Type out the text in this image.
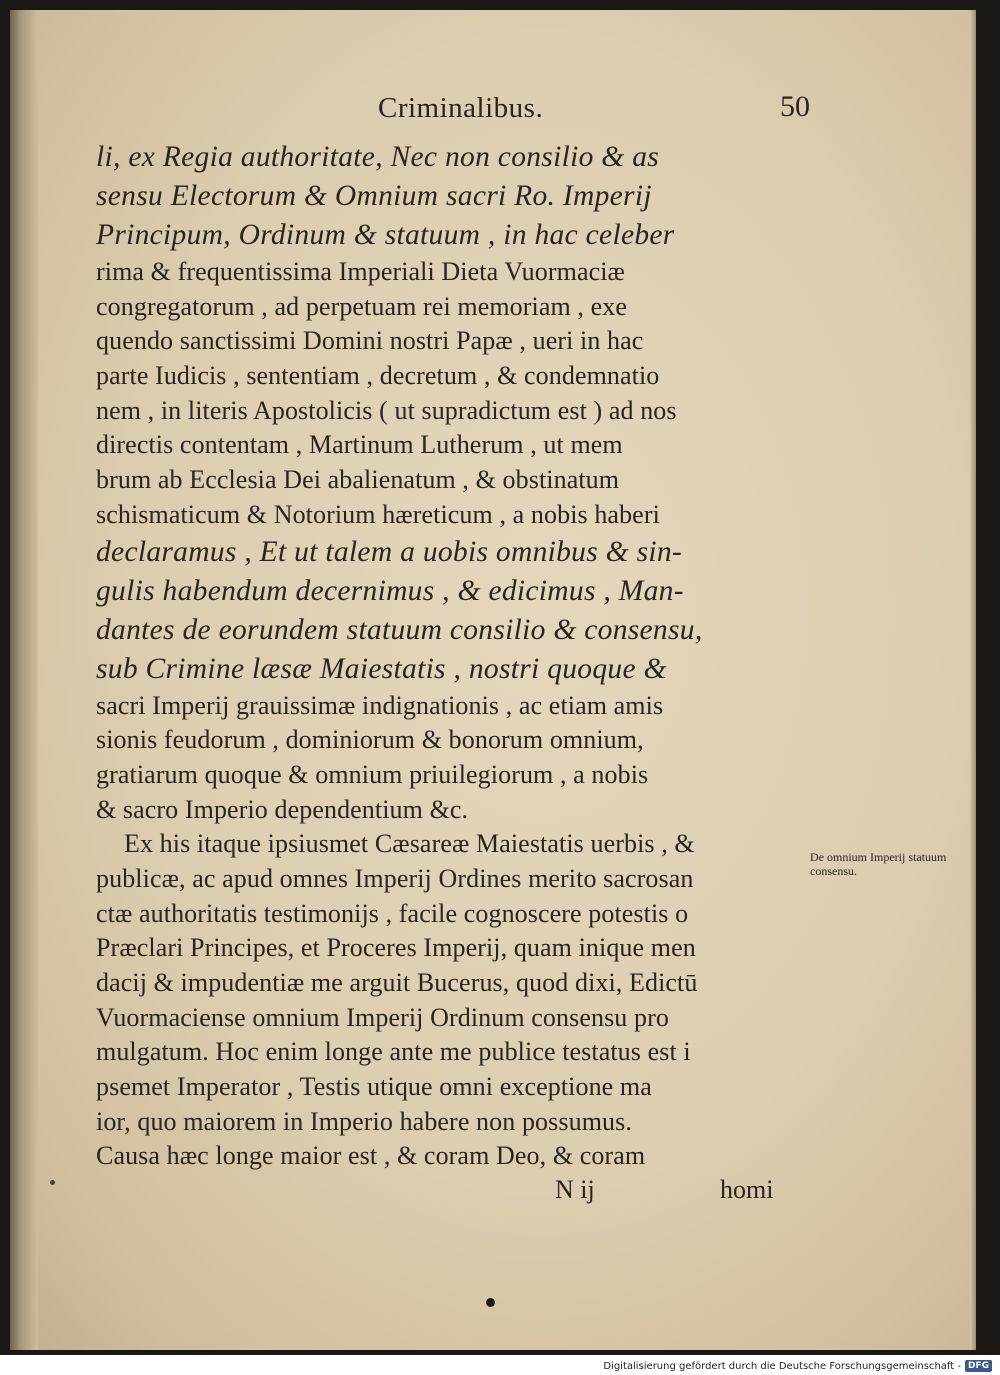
Criminalibus.	50
li, ex Regia authoritate, Nec non consilio & as
sensu Electorum & Omnium sacri Ro. Imperij
Principum, Ordinum & statuum , in hac celeber
rima & frequentissima Imperiali Dieta Vuormaciæ
congregatorum , ad perpetuam rei memoriam , exe
quendo sanctissimi Domini nostri Papæ , ueri in hac
parte Iudicis , sententiam , decretum , & condemnatio
nem , in literis Apostolicis ( ut supradictum est ) ad nos
directis contentam , Martinum Lutherum , ut mem
brum ab Ecclesia Dei abalienatum , & obstinatum
schismaticum & Notorium hæreticum , a nobis haberi
declaramus , Et ut talem a uobis omnibus & sin-
gulis habendum decernimus , & edicimus , Man-
dantes de eorundem statuum consilio & consensu,
sub Crimine læsæ Maiestatis , nostri quoque &
sacri Imperij grauissimæ indignationis , ac etiam amis
sionis feudorum , dominiorum & bonorum omnium,
gratiarum quoque & omnium priuilegiorum , a nobis
& sacro Imperio dependentium &c.
Ex his itaque ipsiusmet Cæsareæ Maiestatis uerbis , &
publicæ, ac apud omnes Imperij Ordines merito sacrosan
ctæ authoritatis testimonijs , facile cognoscere potestis o
Præclari Principes, et Proceres Imperij, quam inique men
dacij & impudentiæ me arguit Bucerus, quod dixi, Edictū
Vuormaciense omnium Imperij Ordinum consensu pro
mulgatum. Hoc enim longe ante me publice testatus est i
psemet Imperator , Testis utique omni exceptione ma
ior, quo maiorem in Imperio habere non possumus.
Causa hæc longe maior est , & coram Deo, & coram
De omnium Imperij statuum consensu.
N ij	homi
Digitalisierung gefördert durch die Deutsche Forschungsgemeinschaft - DFG
